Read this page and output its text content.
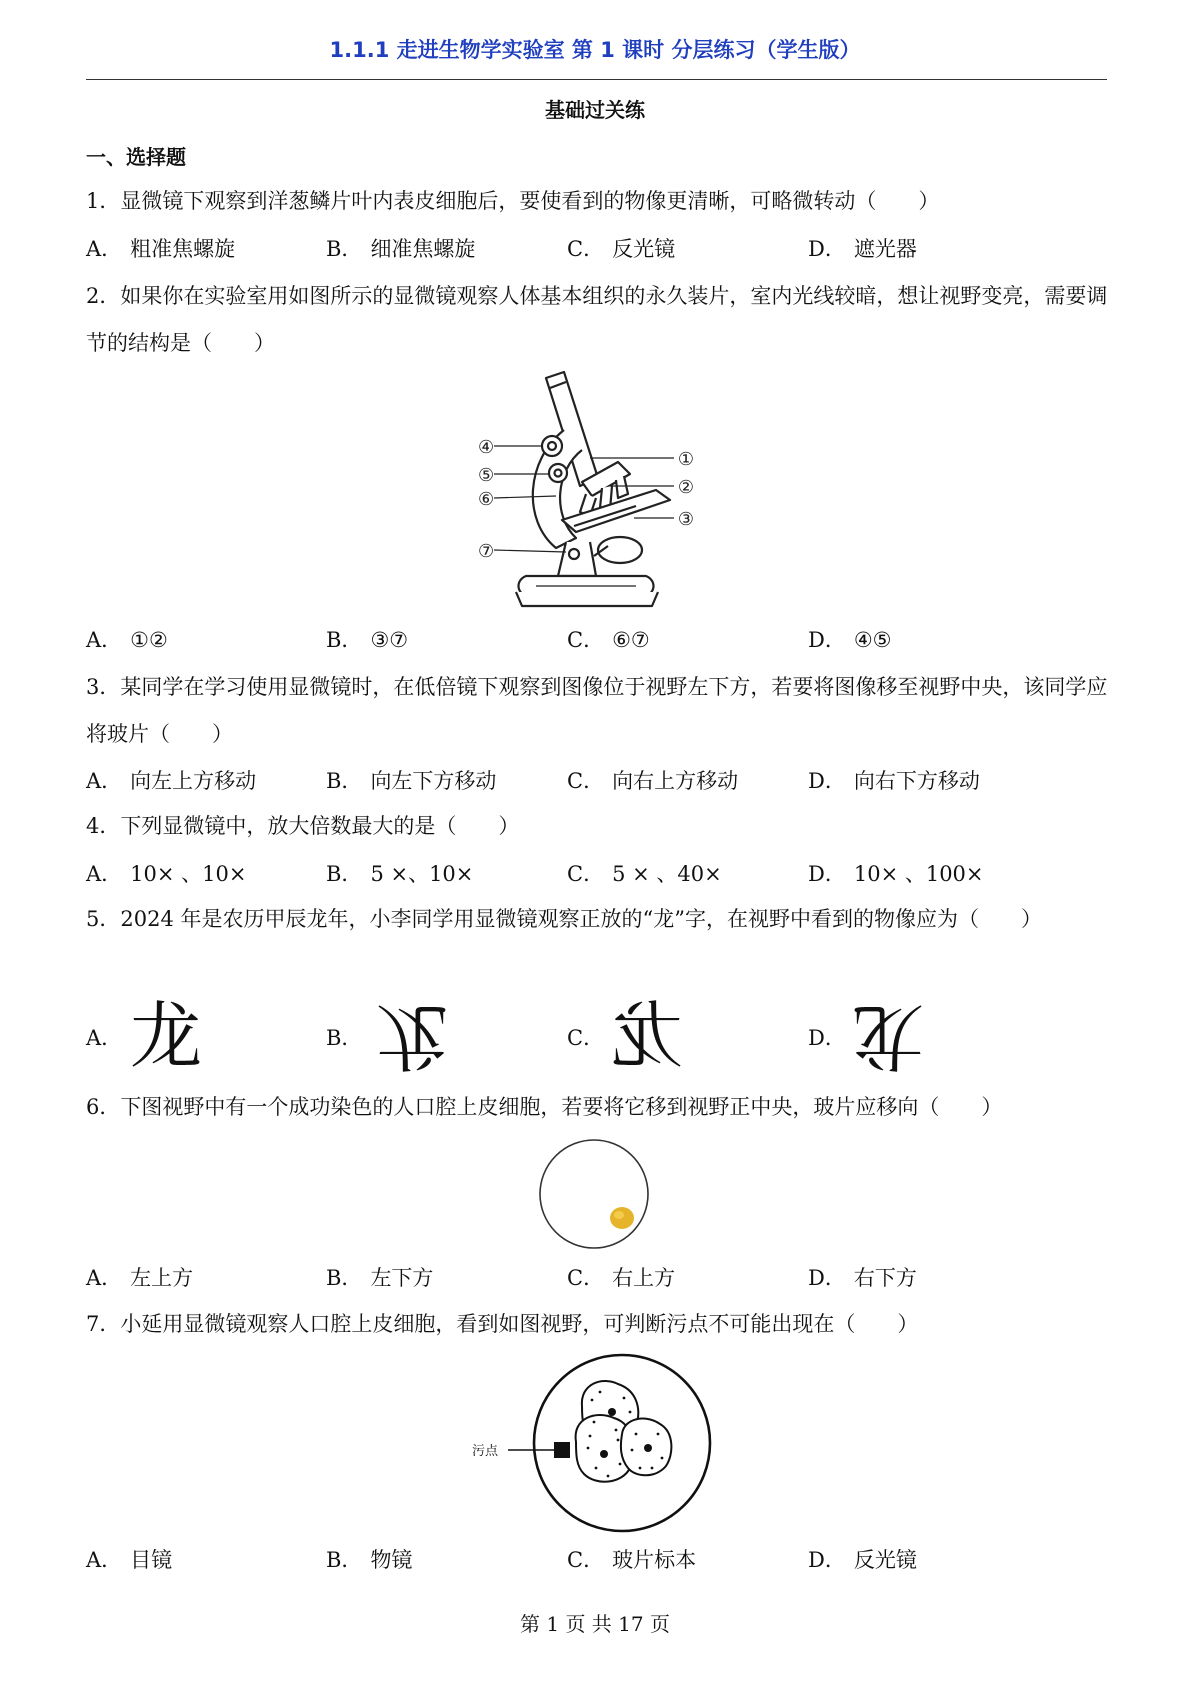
1.1.1 走进生物学实验室 第 1 课时 分层练习（学生版）
基础过关练
一、选择题
1．显微镜下观察到洋葱鳞片叶内表皮细胞后，要使看到的物像更清晰，可略微转动（　　）
A． 粗准焦螺旋	B． 细准焦螺旋	C． 反光镜	D． 遮光器
2．如果你在实验室用如图所示的显微镜观察人体基本组织的永久装片，室内光线较暗，想让视野变亮，需要调节的结构是（　　）
④
⑤
⑥
⑦
①
②
③
A． ①②	B． ③⑦	C． ⑥⑦	D． ④⑤
3．某同学在学习使用显微镜时，在低倍镜下观察到图像位于视野左下方，若要将图像移至视野中央，该同学应将玻片（　　）
A． 向左上方移动	B． 向左下方移动	C． 向右上方移动	D． 向右下方移动
4．下列显微镜中，放大倍数最大的是（　　）
A． 10× 、10×	B． 5 ×、10×	C． 5 × 、40×	D． 10× 、100×
5．2024 年是农历甲辰龙年，小李同学用显微镜观察正放的“龙”字，在视野中看到的物像应为（　　）
A． 龙	B． 龙	C． 龙	D． 龙
6．下图视野中有一个成功染色的人口腔上皮细胞，若要将它移到视野正中央，玻片应移向（　　）
A． 左上方	B． 左下方	C． 右上方	D． 右下方
7．小延用显微镜观察人口腔上皮细胞，看到如图视野，可判断污点不可能出现在（　　）
污点
A． 目镜	B． 物镜	C． 玻片标本	D． 反光镜
第 1 页 共 17 页
